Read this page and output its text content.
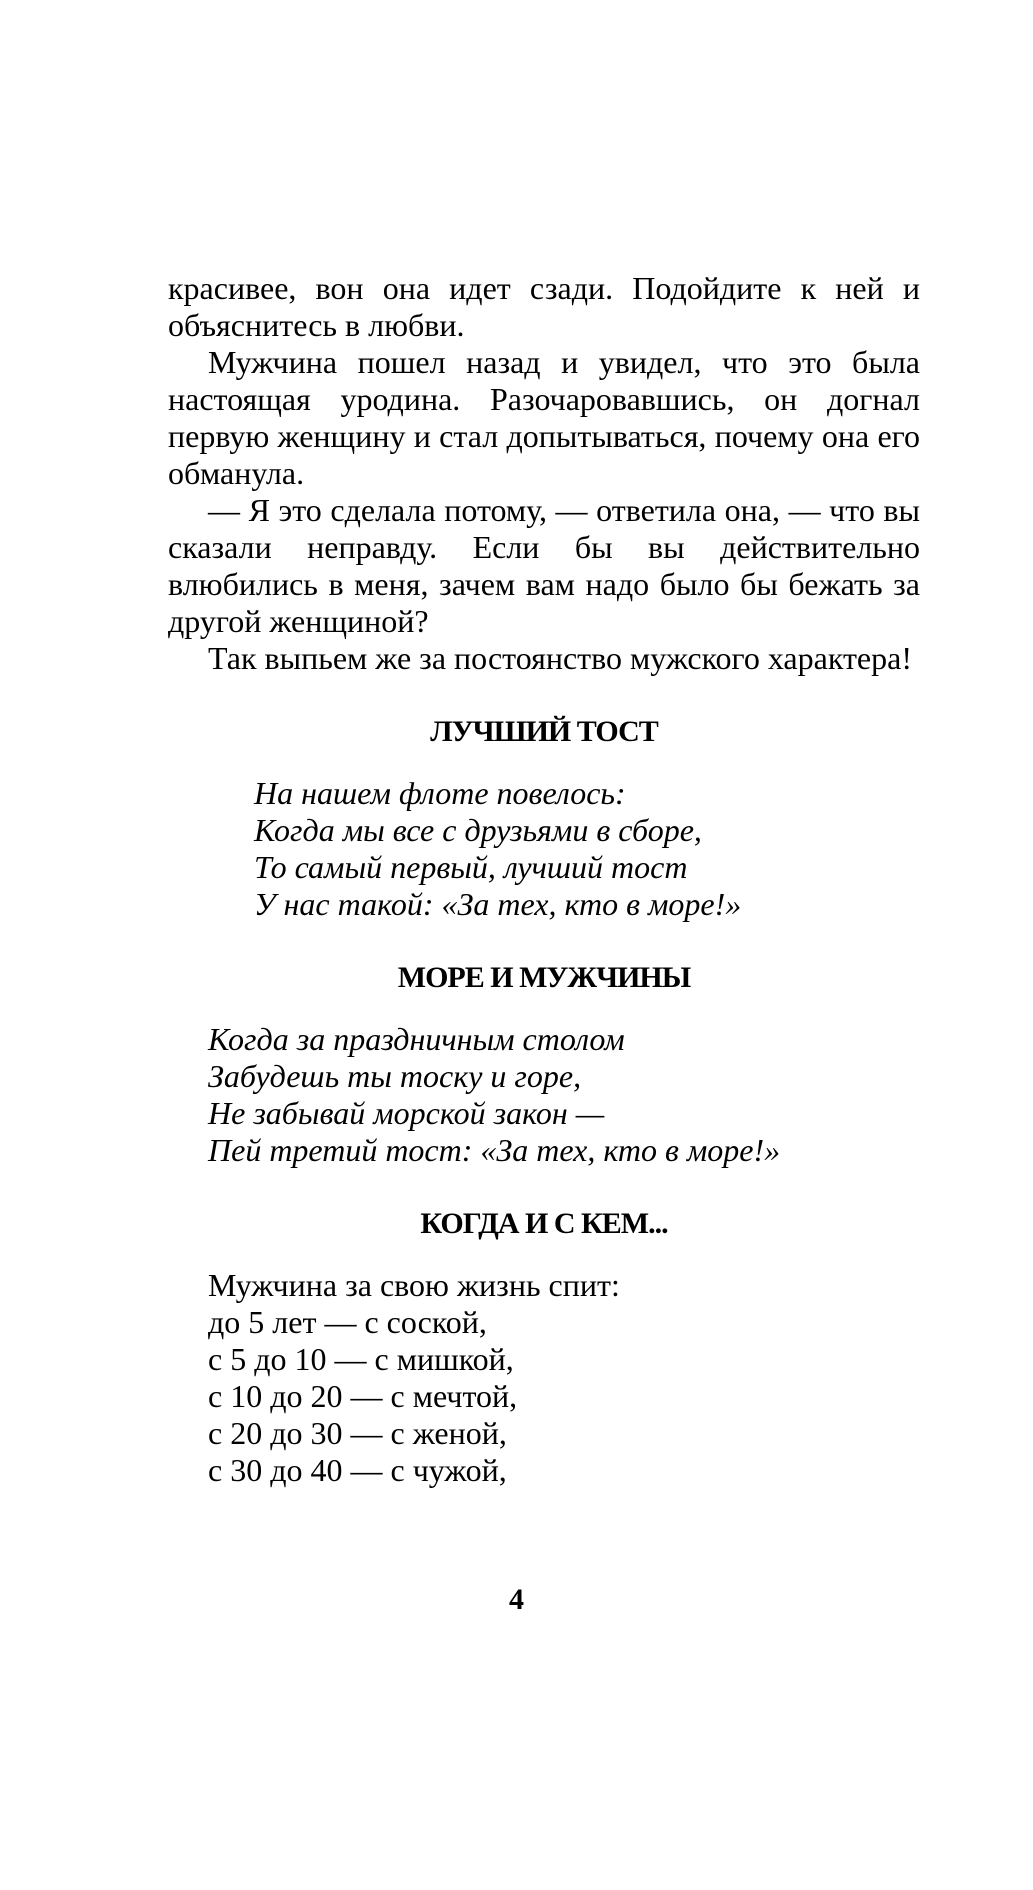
красивее, вон она идет сзади. Подойдите к ней и объяснитесь в любви.

Мужчина пошел назад и увидел, что это была настоящая уродина. Разочаровавшись, он догнал первую женщину и стал допытываться, почему она его обманула.

— Я это сделала потому, — ответила она, — что вы сказали неправду. Если бы вы действительно влюбились в меня, зачем вам надо было бы бежать за другой женщиной?

Так выпьем же за постоянство мужского характера!

ЛУЧШИЙ ТОСТ
На нашем флоте повелось:
Когда мы все с друзьями в сборе,
То самый первый, лучший тост
У нас такой: «За тех, кто в море!»
МОРЕ И МУЖЧИНЫ
Когда за праздничным столом
Забудешь ты тоску и горе,
Не забывай морской закон —
Пей третий тост: «За тех, кто в море!»
КОГДА И С КЕМ...
Мужчина за свою жизнь спит:
до 5 лет — с соской,
с 5 до 10 — с мишкой,
с 10 до 20 — с мечтой,
с 20 до 30 — с женой,
с 30 до 40 — с чужой,
4
